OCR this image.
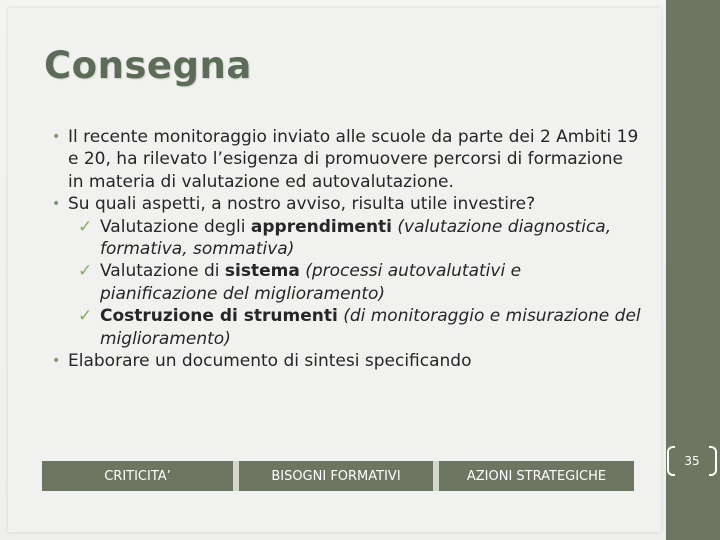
Consegna
• Il recente monitoraggio inviato alle scuole da parte dei 2 Ambiti 19 e 20, ha rilevato l’esigenza di promuovere percorsi di formazione in materia di valutazione ed autovalutazione.
• Su quali aspetti, a nostro avviso, risulta utile investire?
✓ Valutazione degli apprendimenti (valutazione diagnostica, formativa, sommativa)
✓ Valutazione di sistema (processi autovalutativi e pianificazione del miglioramento)
✓ Costruzione di strumenti (di monitoraggio e misurazione del miglioramento)
• Elaborare un documento di sintesi specificando
CRITICITA’	BISOGNI FORMATIVI	AZIONI STRATEGICHE
35
